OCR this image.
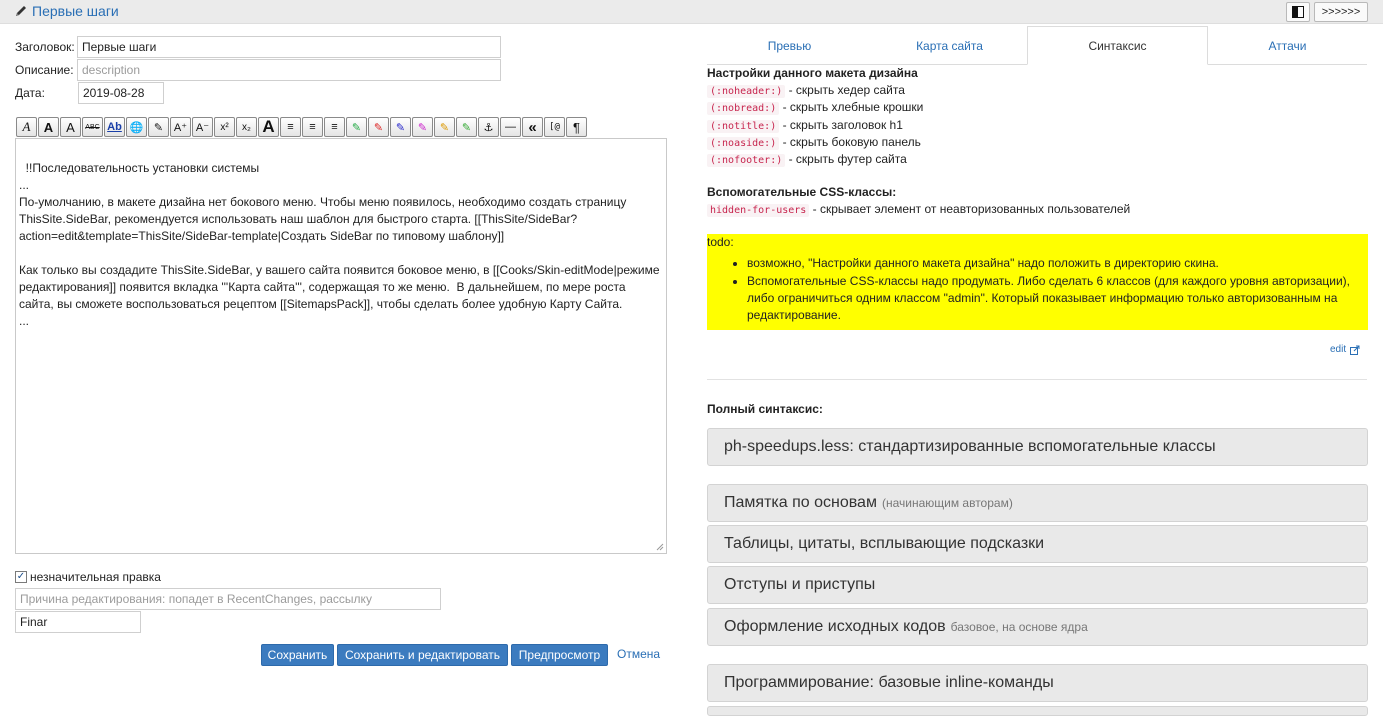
Первые шаги	>>>>>>
Заголовок: Первые шаги
Описание: description
Дата:	2019-08-28
A A A ABC Ab 🌐 ✎ A⁺ A⁻ x² x₂ A ≡ ≡ ≡ ✎ ✎ ✎ ✎ ✎ ✎ ⚓ — « [@ ¶

!!Последовательность установки системы
...
По-умолчанию, в макете дизайна нет бокового меню. Чтобы меню появилось, необходимо создать страницу ThisSite.SideBar, рекомендуется использовать наш шаблон для быстрого старта. [[ThisSite/SideBar?action=edit&template=ThisSite/SideBar-template|Создать SideBar по типовому шаблону]]

Как только вы создадите ThisSite.SideBar, у вашего сайта появится боковое меню, в [[Cooks/Skin-editMode|режиме редактирования]] появится вкладка '''Карта сайта''', содержащая то же меню.  В дальнейшем, по мере роста сайта, вы сможете воспользоваться рецептом [[SitemapsPack]], чтобы сделать более удобную Карту Сайта.
...

✓ незначительная правка
Причина редактирования: попадет в RecentChanges, рассылку
Finar
Сохранить	Сохранить и редактировать	Предпросмотр	Отмена
Превью	Карта сайта	Синтаксис	Аттачи
Настройки данного макета дизайна
(:noheader:) - скрыть хедер сайта
(:nobread:) - скрыть хлебные крошки
(:notitle:) - скрыть заголовок h1
(:noaside:) - скрыть боковую панель
(:nofooter:) - скрыть футер сайта
Вспомогательные CSS-классы:
hidden-for-users - скрывает элемент от неавторизованных пользователей
todo:
• возможно, "Настройки данного макета дизайна" надо положить в директорию скина.
• Вспомогательные CSS-классы надо продумать. Либо сделать 6 классов (для каждого уровня авторизации), либо ограничиться одним классом "admin". Который показывает информацию только авторизованным на редактирование.
edit
Полный синтаксис:
ph-speedups.less: стандартизированные вспомогательные классы
Памятка по основам (начинающим авторам)
Таблицы, цитаты, всплывающие подсказки
Отступы и приступы
Оформление исходных кодов базовое, на основе ядра
Программирование: базовые inline-команды
